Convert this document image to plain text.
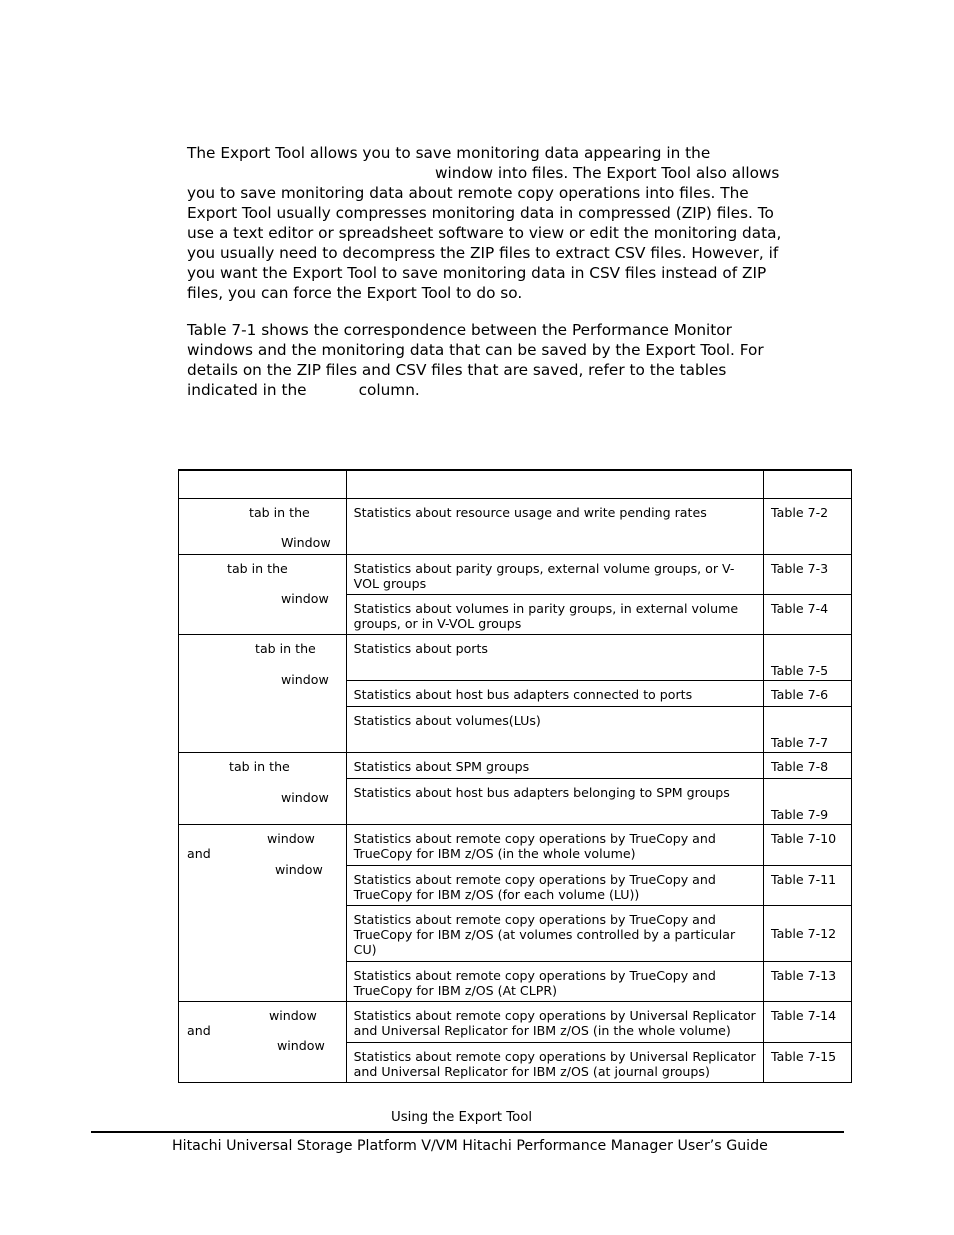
The Export Tool allows you to save monitoring data appearing in the
window into files. The Export Tool also allows
you to save monitoring data about remote copy operations into files. The
Export Tool usually compresses monitoring data in compressed (ZIP) files. To
use a text editor or spreadsheet software to view or edit the monitoring data,
you usually need to decompress the ZIP files to extract CSV files. However, if
you want the Export Tool to save monitoring data in CSV files instead of ZIP
files, you can force the Export Tool to do so.
Table 7-1 shows the correspondence between the Performance Monitor
windows and the monitoring data that can be saved by the Export Tool. For
details on the ZIP files and CSV files that are saved, refer to the tables
indicated in the	column.

tab in the
Window	Statistics about resource usage and write pending rates	Table 7-2

tab in the
window	Statistics about parity groups, external volume groups, or V-VOL groups	Table 7-3
	Statistics about volumes in parity groups, in external volume groups, or in V-VOL groups	Table 7-4

tab in the
window	Statistics about ports	Table 7-5
	Statistics about host bus adapters connected to ports	Table 7-6
	Statistics about volumes(LUs)	Table 7-7

tab in the
window	Statistics about SPM groups	Table 7-8
	Statistics about host bus adapters belonging to SPM groups	Table 7-9

window
and
window	Statistics about remote copy operations by TrueCopy and TrueCopy for IBM z/OS (in the whole volume)	Table 7-10
	Statistics about remote copy operations by TrueCopy and TrueCopy for IBM z/OS (for each volume (LU))	Table 7-11
	Statistics about remote copy operations by TrueCopy and TrueCopy for IBM z/OS (at volumes controlled by a particular CU)	Table 7-12
	Statistics about remote copy operations by TrueCopy and TrueCopy for IBM z/OS (At CLPR)	Table 7-13

window
and
window	Statistics about remote copy operations by Universal Replicator and Universal Replicator for IBM z/OS (in the whole volume)	Table 7-14
	Statistics about remote copy operations by Universal Replicator and Universal Replicator for IBM z/OS (at journal groups)	Table 7-15
Using the Export Tool
Hitachi Universal Storage Platform V/VM Hitachi Performance Manager User’s Guide
